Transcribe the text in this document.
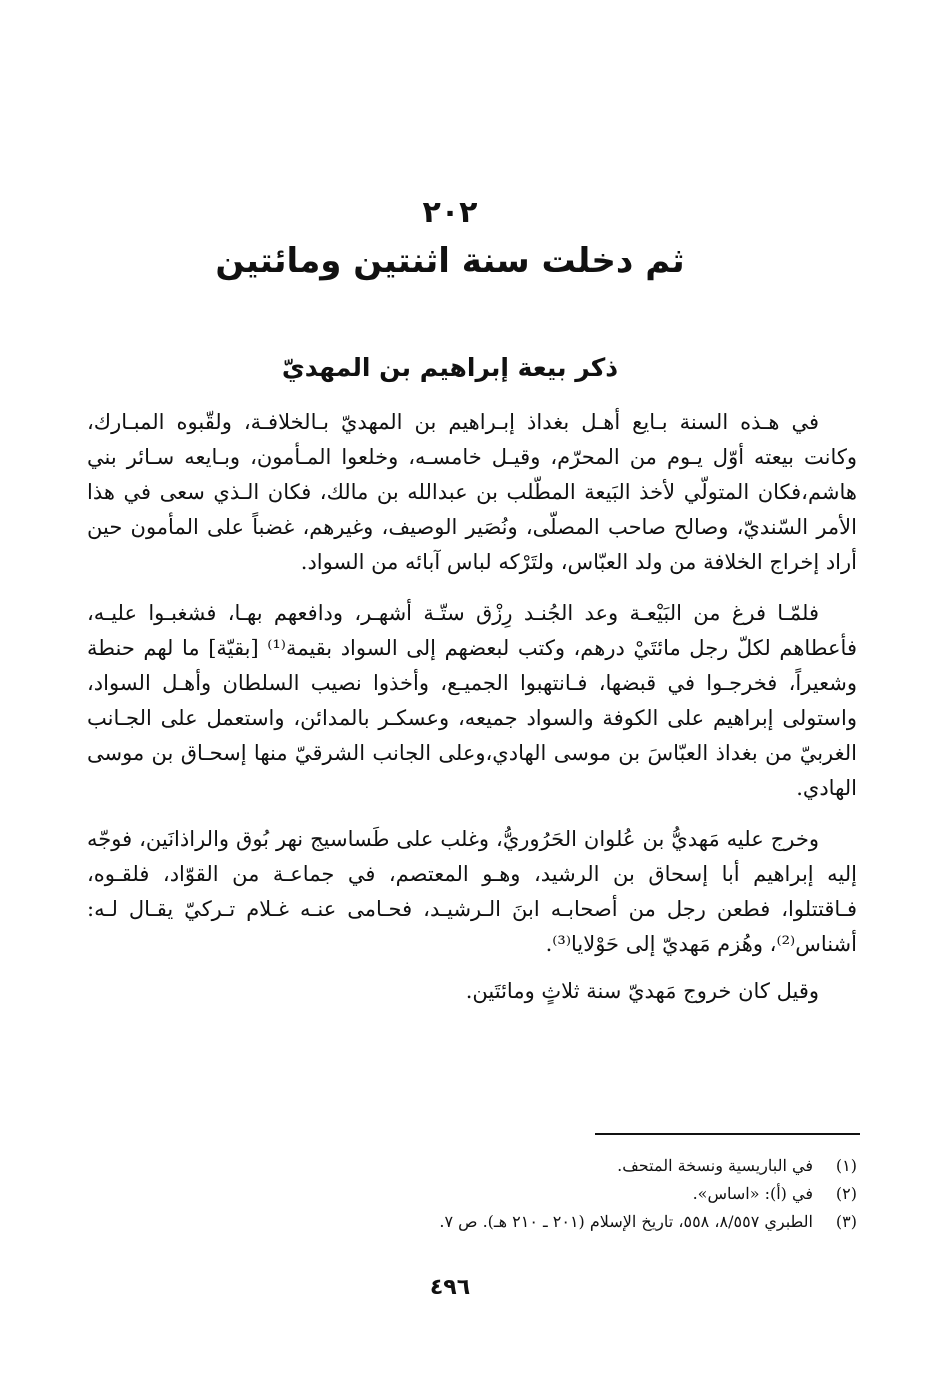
٢٠٢
ثم دخلت سنة اثنتين ومائتين
ذكر بيعة إبراهيم بن المهديّ

في هـذه السنة بـايع أهـل بغداذ إبـراهيم بن المهديّ بـالخلافـة، ولقّبوه المبـارك، وكانت بيعته أوّل يـوم من المحرّم، وقيـل خامسـه، وخلعوا المـأمون، وبـايعه سـائر بني هاشم،فكان المتولّي لأخذ البَيعة المطّلب بن عبدالله بن مالك، فكان الـذي سعى في هذا الأمر السّنديّ، وصالح صاحب المصلّى، ونُصَير الوصيف، وغيرهم، غضباً على المأمون حين أراد إخراج الخلافة من ولد العبّاس، ولتَرْكه لباس آبائه من السواد.

فلمّـا فرغ من البَيْعـة وعد الجُنـد رِزْق ستّـة أشهـر، ودافعهم بهـا، فشغبـوا عليـه، فأعطاهم لكلّ رجل مائتَيْ درهم، وكتب لبعضهم إلى السواد بقيمة⁽¹⁾ [بقيّة] ما لهم حنطة وشعيراً، فخرجـوا في قبضها، فـانتهبوا الجميـع، وأخذوا نصيب السلطان وأهـل السواد، واستولى إبراهيم على الكوفة والسواد جميعه، وعسكـر بالمدائن، واستعمل على الجـانب الغربيّ من بغداذ العبّاسَ بن موسى الهادي،وعلى الجانب الشرقيّ منها إسحـاق بن موسى الهادي.

وخرج عليه مَهديُّ بن عُلوان الحَرُوريُّ، وغلب على طَساسيج نهر بُوق والراذانَين، فوجّه إليه إبراهيم أبا إسحاق بن الرشيد، وهـو المعتصم، في جماعـة من القوّاد، فلقـوه، فـاقتتلوا، فطعن رجل من أصحابـه ابنَ الـرشيـد، فحـامى عنـه غـلام تـركيّ يقـال لـه: أشناس⁽²⁾، وهُزم مَهديّ إلى حَوْلايا⁽³⁾.

وقيل كان خروج مَهديّ سنة ثلاثٍ ومائتَين.

(١)
في الباريسية ونسخة المتحف.
(٢)
في (أ): «اساس».
(٣)
الطبري ٨/٥٥٧، ٥٥٨، تاريخ الإسلام (٢٠١ ـ ٢١٠ هـ). ص ٧.
٤٩٦
